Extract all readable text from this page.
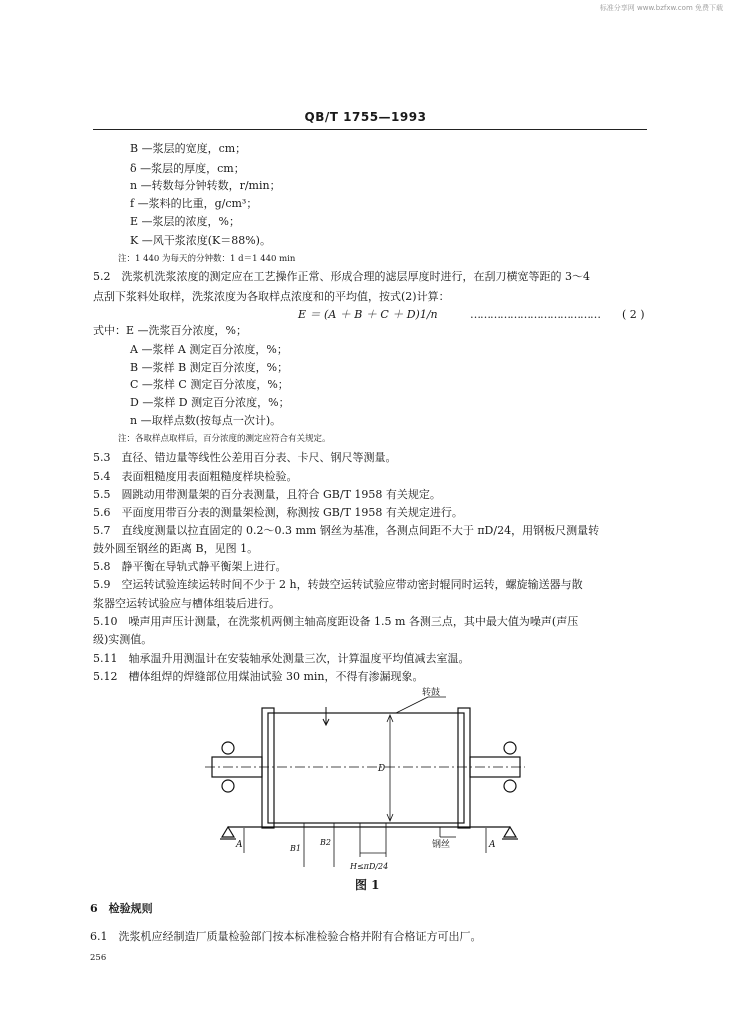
标准分享网 www.bzfxw.com 免费下载
QB/T 1755—1993
B —浆层的宽度，cm；
δ —浆层的厚度，cm；
n —转数每分钟转数，r/min；
f —浆料的比重，g/cm³；
E —浆层的浓度，%；
K —风干浆浓度(K＝88%)。
注：1 440 为每天的分钟数：1 d＝1 440 min
5.2　洗浆机洗浆浓度的测定应在工艺操作正常、形成合理的滤层厚度时进行，在刮刀横宽等距的 3～4
点刮下浆料处取样，洗浆浓度为各取样点浓度和的平均值，按式(2)计算：
E ＝ (A ＋ B ＋ C ＋ D)1/n	………………………………… ( 2 )
式中：E —洗浆百分浓度，%；
A —浆样 A 测定百分浓度，%；
B —浆样 B 测定百分浓度，%；
C —浆样 C 测定百分浓度，%；
D —浆样 D 测定百分浓度，%；
n —取样点数(按每点一次计)。
注：各取样点取样后，百分浓度的测定应符合有关规定。
5.3　直径、错边量等线性公差用百分表、卡尺、钢尺等测量。
5.4　表面粗糙度用表面粗糙度样块检验。
5.5　圆跳动用带测量架的百分表测量，且符合 GB/T 1958 有关规定。
5.6　平面度用带百分表的测量架检测，称测按 GB/T 1958 有关规定进行。
5.7　直线度测量以拉直固定的 0.2～0.3 mm 钢丝为基准，各测点间距不大于 πD/24，用钢板尺测量转
鼓外圆至钢丝的距离 B，见图 1。
5.8　静平衡在导轨式静平衡架上进行。
5.9　空运转试验连续运转时间不少于 2 h，转鼓空运转试验应带动密封辊同时运转，螺旋输送器与散
浆器空运转试验应与槽体组装后进行。
5.10　噪声用声压计测量，在洗浆机两侧主轴高度距设备 1.5 m 各测三点，其中最大值为噪声(声压
级)实测值。
5.11　轴承温升用测温计在安装轴承处测量三次，计算温度平均值减去室温。
5.12　槽体组焊的焊缝部位用煤油试验 30 min，不得有渗漏现象。
转鼓
钢丝
D
A	A
B1
B2
H≤πD/24
图 1
6　检验规则
6.1　洗浆机应经制造厂质量检验部门按本标准检验合格并附有合格证方可出厂。
256
